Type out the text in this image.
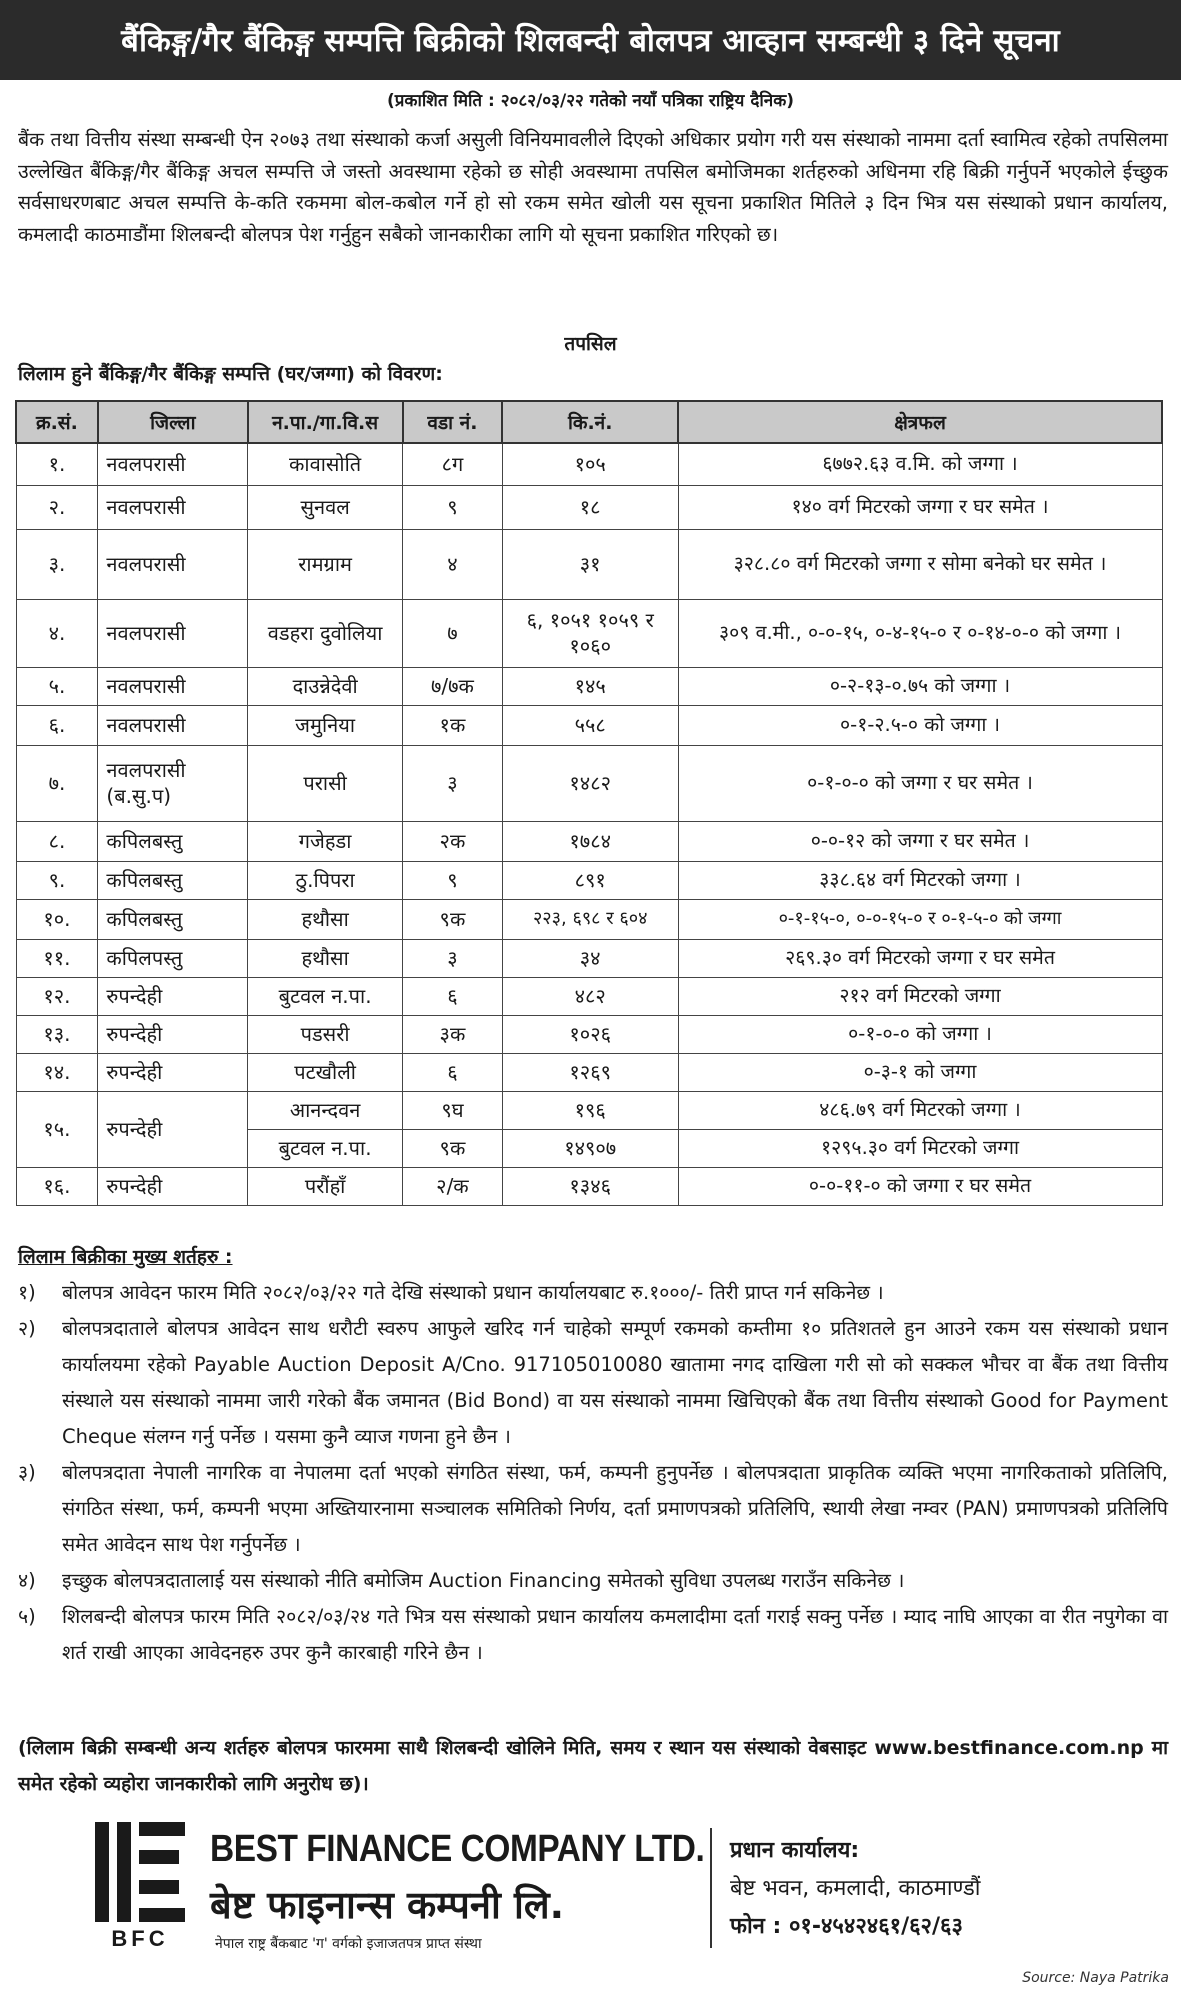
बैंकिङ्ग/गैर बैंकिङ्ग सम्पत्ति बिक्रीको शिलबन्दी बोलपत्र आव्हान सम्बन्धी ३ दिने सूचना
(प्रकाशित मिति : २०८२/०३/२२ गतेको नयाँ पत्रिका राष्ट्रिय दैनिक)
बैंक तथा वित्तीय संस्था सम्बन्धी ऐन २०७३ तथा संस्थाको कर्जा असुली विनियमावलीले दिएको अधिकार प्रयोग गरी यस संस्थाको नाममा दर्ता स्वामित्व रहेको तपसिलमा उल्लेखित बैंकिङ्ग/गैर बैंकिङ्ग अचल सम्पत्ति जे जस्तो अवस्थामा रहेको छ सोही अवस्थामा तपसिल बमोजिमका शर्तहरुको अधिनमा रहि बिक्री गर्नुपर्ने भएकोले ईच्छुक सर्वसाधरणबाट अचल सम्पत्ति के-कति रकममा बोल-कबोल गर्ने हो सो रकम समेत खोली यस सूचना प्रकाशित मितिले ३ दिन भित्र यस संस्थाको प्रधान कार्यालय, कमलादी काठमाडौंमा शिलबन्दी बोलपत्र पेश गर्नुहुन सबैको जानकारीका लागि यो सूचना प्रकाशित गरिएको छ।
तपसिल
लिलाम हुने बैंकिङ्ग/गैर बैंकिङ्ग सम्पत्ति (घर/जग्गा) को विवरण:
क्र.सं.	जिल्ला	न.पा./गा.वि.स	वडा नं.	कि.नं.	क्षेत्रफल
१.	नवलपरासी	कावासोति	८ग	१०५	६७७२.६३ व.मि. को जग्गा ।
२.	नवलपरासी	सुनवल	९	१८	१४० वर्ग मिटरको जग्गा र घर समेत ।
३.	नवलपरासी	रामग्राम	४	३१	३२८.८० वर्ग मिटरको जग्गा र सोमा बनेको घर समेत ।
४.	नवलपरासी	वडहरा दुवोलिया	७	६, १०५१ १०५९ र १०६०	३०९ व.मी., ०-०-१५, ०-४-१५-० र ०-१४-०-० को जग्गा ।
५.	नवलपरासी	दाउन्नेदेवी	७/७क	१४५	०-२-१३-०.७५ को जग्गा ।
६.	नवलपरासी	जमुनिया	१क	५५८	०-१-२.५-० को जग्गा ।
७.	नवलपरासी (ब.सु.प)	परासी	३	१४८२	०-१-०-० को जग्गा र घर समेत ।
८.	कपिलबस्तु	गजेहडा	२क	१७८४	०-०-१२ को जग्गा र घर समेत ।
९.	कपिलबस्तु	ठु.पिपरा	९	८९१	३३८.६४ वर्ग मिटरको जग्गा ।
१०.	कपिलबस्तु	हथौसा	९क	२२३, ६९८ र ६०४	०-१-१५-०, ०-०-१५-० र ०-१-५-० को जग्गा
११.	कपिलपस्तु	हथौसा	३	३४	२६९.३० वर्ग मिटरको जग्गा र घर समेत
१२.	रुपन्देही	बुटवल न.पा.	६	४८२	२१२ वर्ग मिटरको जग्गा
१३.	रुपन्देही	पडसरी	३क	१०२६	०-१-०-० को जग्गा ।
१४.	रुपन्देही	पटखौली	६	१२६९	०-३-१ को जग्गा
१५.	रुपन्देही	आनन्दवन	९घ	१९६	४८६.७९ वर्ग मिटरको जग्गा ।
		बुटवल न.पा.	९क	१४९०७	१२९५.३० वर्ग मिटरको जग्गा
१६.	रुपन्देही	परौंहाँ	२/क	१३४६	०-०-११-० को जग्गा र घर समेत
लिलाम बिक्रीका मुख्य शर्तहरु :
१)	बोलपत्र आवेदन फारम मिति २०८२/०३/२२ गते देखि संस्थाको प्रधान कार्यालयबाट रु.१०००/- तिरी प्राप्त गर्न सकिनेछ ।
२)	बोलपत्रदाताले बोलपत्र आवेदन साथ धरौटी स्वरुप आफुले खरिद गर्न चाहेको सम्पूर्ण रकमको कम्तीमा १० प्रतिशतले हुन आउने रकम यस संस्थाको प्रधान कार्यालयमा रहेको Payable Auction Deposit A/Cno. 917105010080 खातामा नगद दाखिला गरी सो को सक्कल भौचर वा बैंक तथा वित्तीय संस्थाले यस संस्थाको नाममा जारी गरेको बैंक जमानत (Bid Bond) वा यस संस्थाको नाममा खिचिएको बैंक तथा वित्तीय संस्थाको Good for Payment Cheque संलग्न गर्नु पर्नेछ । यसमा कुनै व्याज गणना हुने छैन ।
३)	बोलपत्रदाता नेपाली नागरिक वा नेपालमा दर्ता भएको संगठित संस्था, फर्म, कम्पनी हुनुपर्नेछ । बोलपत्रदाता प्राकृतिक व्यक्ति भएमा नागरिकताको प्रतिलिपि, संगठित संस्था, फर्म, कम्पनी भएमा अख्तियारनामा सञ्चालक समितिको निर्णय, दर्ता प्रमाणपत्रको प्रतिलिपि, स्थायी लेखा नम्वर (PAN) प्रमाणपत्रको प्रतिलिपि समेत आवेदन साथ पेश गर्नुपर्नेछ ।
४)	इच्छुक बोलपत्रदातालाई यस संस्थाको नीति बमोजिम Auction Financing समेतको सुविधा उपलब्ध गराउँन सकिनेछ ।
५)	शिलबन्दी बोलपत्र फारम मिति २०८२/०३/२४ गते भित्र यस संस्थाको प्रधान कार्यालय कमलादीमा दर्ता गराई सक्नु पर्नेछ । म्याद नाघि आएका वा रीत नपुगेका वा शर्त राखी आएका आवेदनहरु उपर कुनै कारबाही गरिने छैन ।
(लिलाम बिक्री सम्बन्धी अन्य शर्तहरु बोलपत्र फारममा साथै शिलबन्दी खोलिने मिति, समय र स्थान यस संस्थाको वेबसाइट www.bestfinance.com.np मा समेत रहेको व्यहोरा जानकारीको लागि अनुरोध छ)।
BFC
BEST FINANCE COMPANY LTD.
बेष्ट फाइनान्स कम्पनी लि.
नेपाल राष्ट्र बैंकबाट 'ग' वर्गको इजाजतपत्र प्राप्त संस्था
प्रधान कार्यालय:
बेष्ट भवन, कमलादी, काठमाण्डौं
फोन : ०१-४५४२४६१/६२/६३
Source: Naya Patrika
